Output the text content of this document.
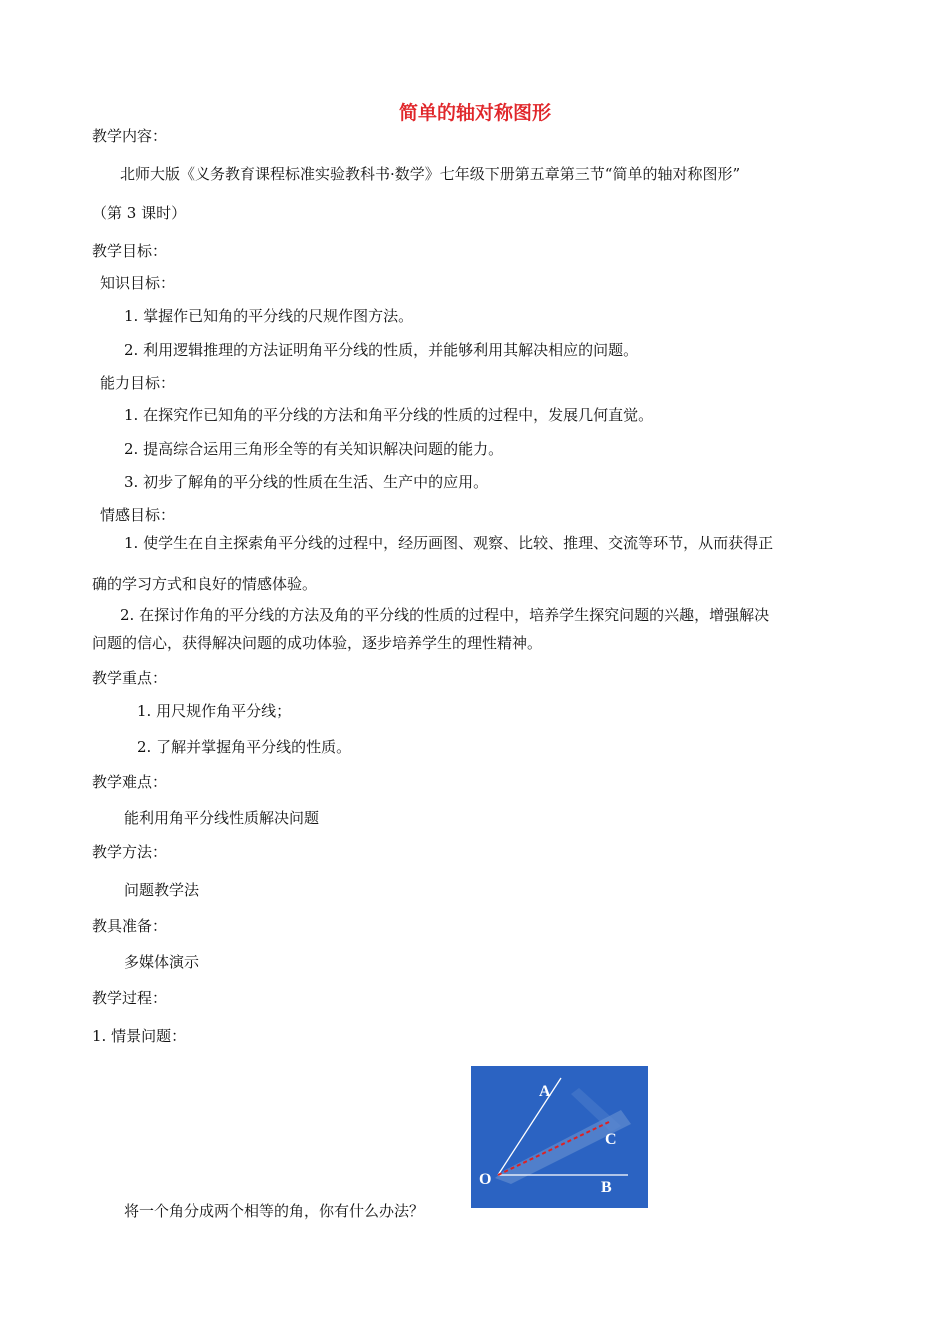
简单的轴对称图形
教学内容：
北师大版《义务教育课程标准实验教科书·数学》七年级下册第五章第三节“简单的轴对称图形”
（第 3 课时）
教学目标：
知识目标：
1. 掌握作已知角的平分线的尺规作图方法。
2. 利用逻辑推理的方法证明角平分线的性质，并能够利用其解决相应的问题。
能力目标：
1. 在探究作已知角的平分线的方法和角平分线的性质的过程中，发展几何直觉。
2. 提高综合运用三角形全等的有关知识解决问题的能力。
3. 初步了解角的平分线的性质在生活、生产中的应用。
情感目标：
1. 使学生在自主探索角平分线的过程中，经历画图、观察、比较、推理、交流等环节，从而获得正
确的学习方式和良好的情感体验。
2. 在探讨作角的平分线的方法及角的平分线的性质的过程中，培养学生探究问题的兴趣，增强解决
问题的信心，获得解决问题的成功体验，逐步培养学生的理性精神。
教学重点：
1. 用尺规作角平分线；
2. 了解并掌握角平分线的性质。
教学难点：
能利用角平分线性质解决问题
教学方法：
问题教学法
教具准备：
多媒体演示
教学过程：
1. 情景问题：
A
C
O	B
将一个角分成两个相等的角，你有什么办法？
